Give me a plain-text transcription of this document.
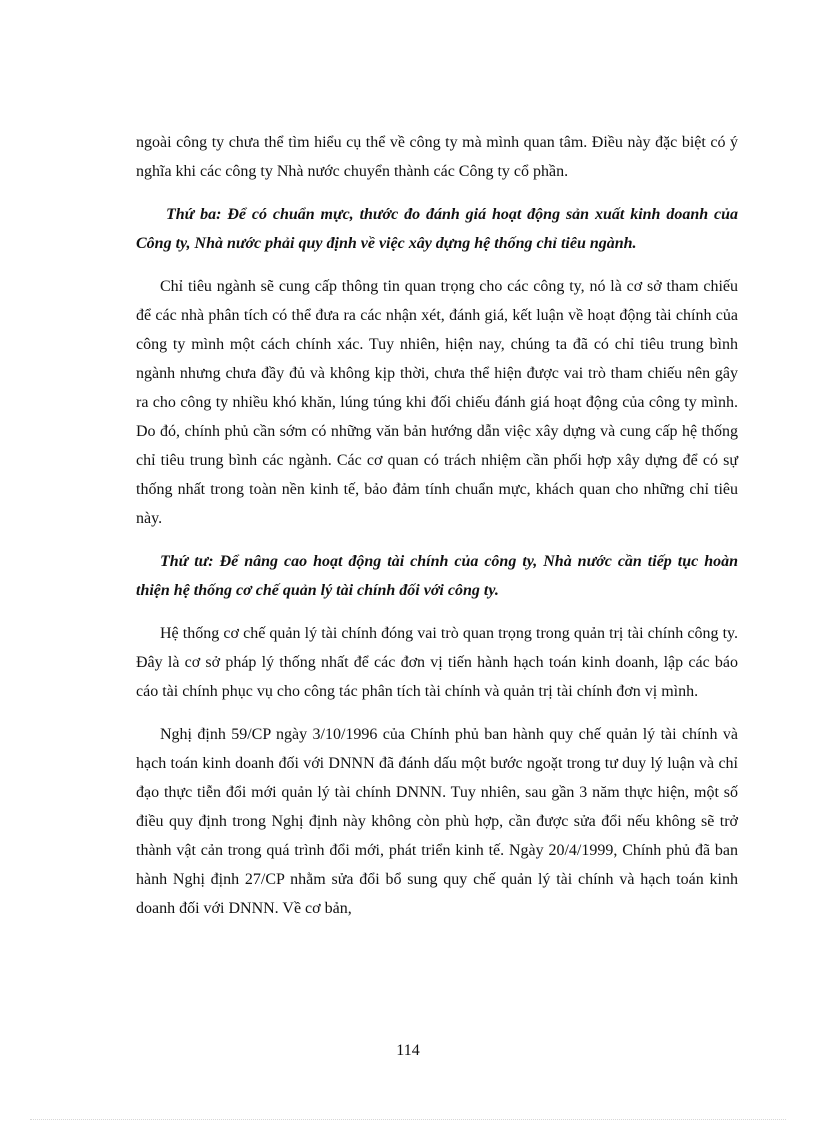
ngoài công ty chưa thể tìm hiểu cụ thể về công ty mà mình quan tâm. Điều này đặc biệt có ý nghĩa khi các công ty Nhà nước chuyển thành các Công ty cổ phần.

Thứ ba: Để có chuẩn mực, thước đo đánh giá hoạt động sản xuất kinh doanh của Công ty, Nhà nước phải quy định về việc xây dựng hệ thống chỉ tiêu ngành.

Chỉ tiêu ngành sẽ cung cấp thông tin quan trọng cho các công ty, nó là cơ sở tham chiếu để các nhà phân tích có thể đưa ra các nhận xét, đánh giá, kết luận về hoạt động tài chính của công ty mình một cách chính xác. Tuy nhiên, hiện nay, chúng ta đã có chỉ tiêu trung bình ngành nhưng chưa đầy đủ và không kịp thời, chưa thể hiện được vai trò tham chiếu nên gây ra cho công ty nhiều khó khăn, lúng túng khi đối chiếu đánh giá hoạt động của công ty mình. Do đó, chính phủ cần sớm có những văn bản hướng dẫn việc xây dựng và cung cấp hệ thống chỉ tiêu trung bình các ngành. Các cơ quan có trách nhiệm cần phối hợp xây dựng để có sự thống nhất trong toàn nền kinh tế, bảo đảm tính chuẩn mực, khách quan cho những chỉ tiêu này.

Thứ tư: Để nâng cao hoạt động tài chính của công ty, Nhà nước cần tiếp tục hoàn thiện hệ thống cơ chế quản lý tài chính đối với công ty.

Hệ thống cơ chế quản lý tài chính đóng vai trò quan trọng trong quản trị tài chính công ty. Đây là cơ sở pháp lý thống nhất để các đơn vị tiến hành hạch toán kinh doanh, lập các báo cáo tài chính phục vụ cho công tác phân tích tài chính và quản trị tài chính đơn vị mình.

Nghị định 59/CP ngày 3/10/1996 của Chính phủ ban hành quy chế quản lý tài chính và hạch toán kinh doanh đối với DNNN đã đánh dấu một bước ngoặt trong tư duy lý luận và chỉ đạo thực tiễn đổi mới quản lý tài chính DNNN. Tuy nhiên, sau gần 3 năm thực hiện, một số điều quy định trong Nghị định này không còn phù hợp, cần được sửa đổi nếu không sẽ trở thành vật cản trong quá trình đổi mới, phát triển kinh tế. Ngày 20/4/1999, Chính phủ đã ban hành Nghị định 27/CP nhằm sửa đổi bổ sung quy chế quản lý tài chính và hạch toán kinh doanh đối với DNNN. Về cơ bản,

114
